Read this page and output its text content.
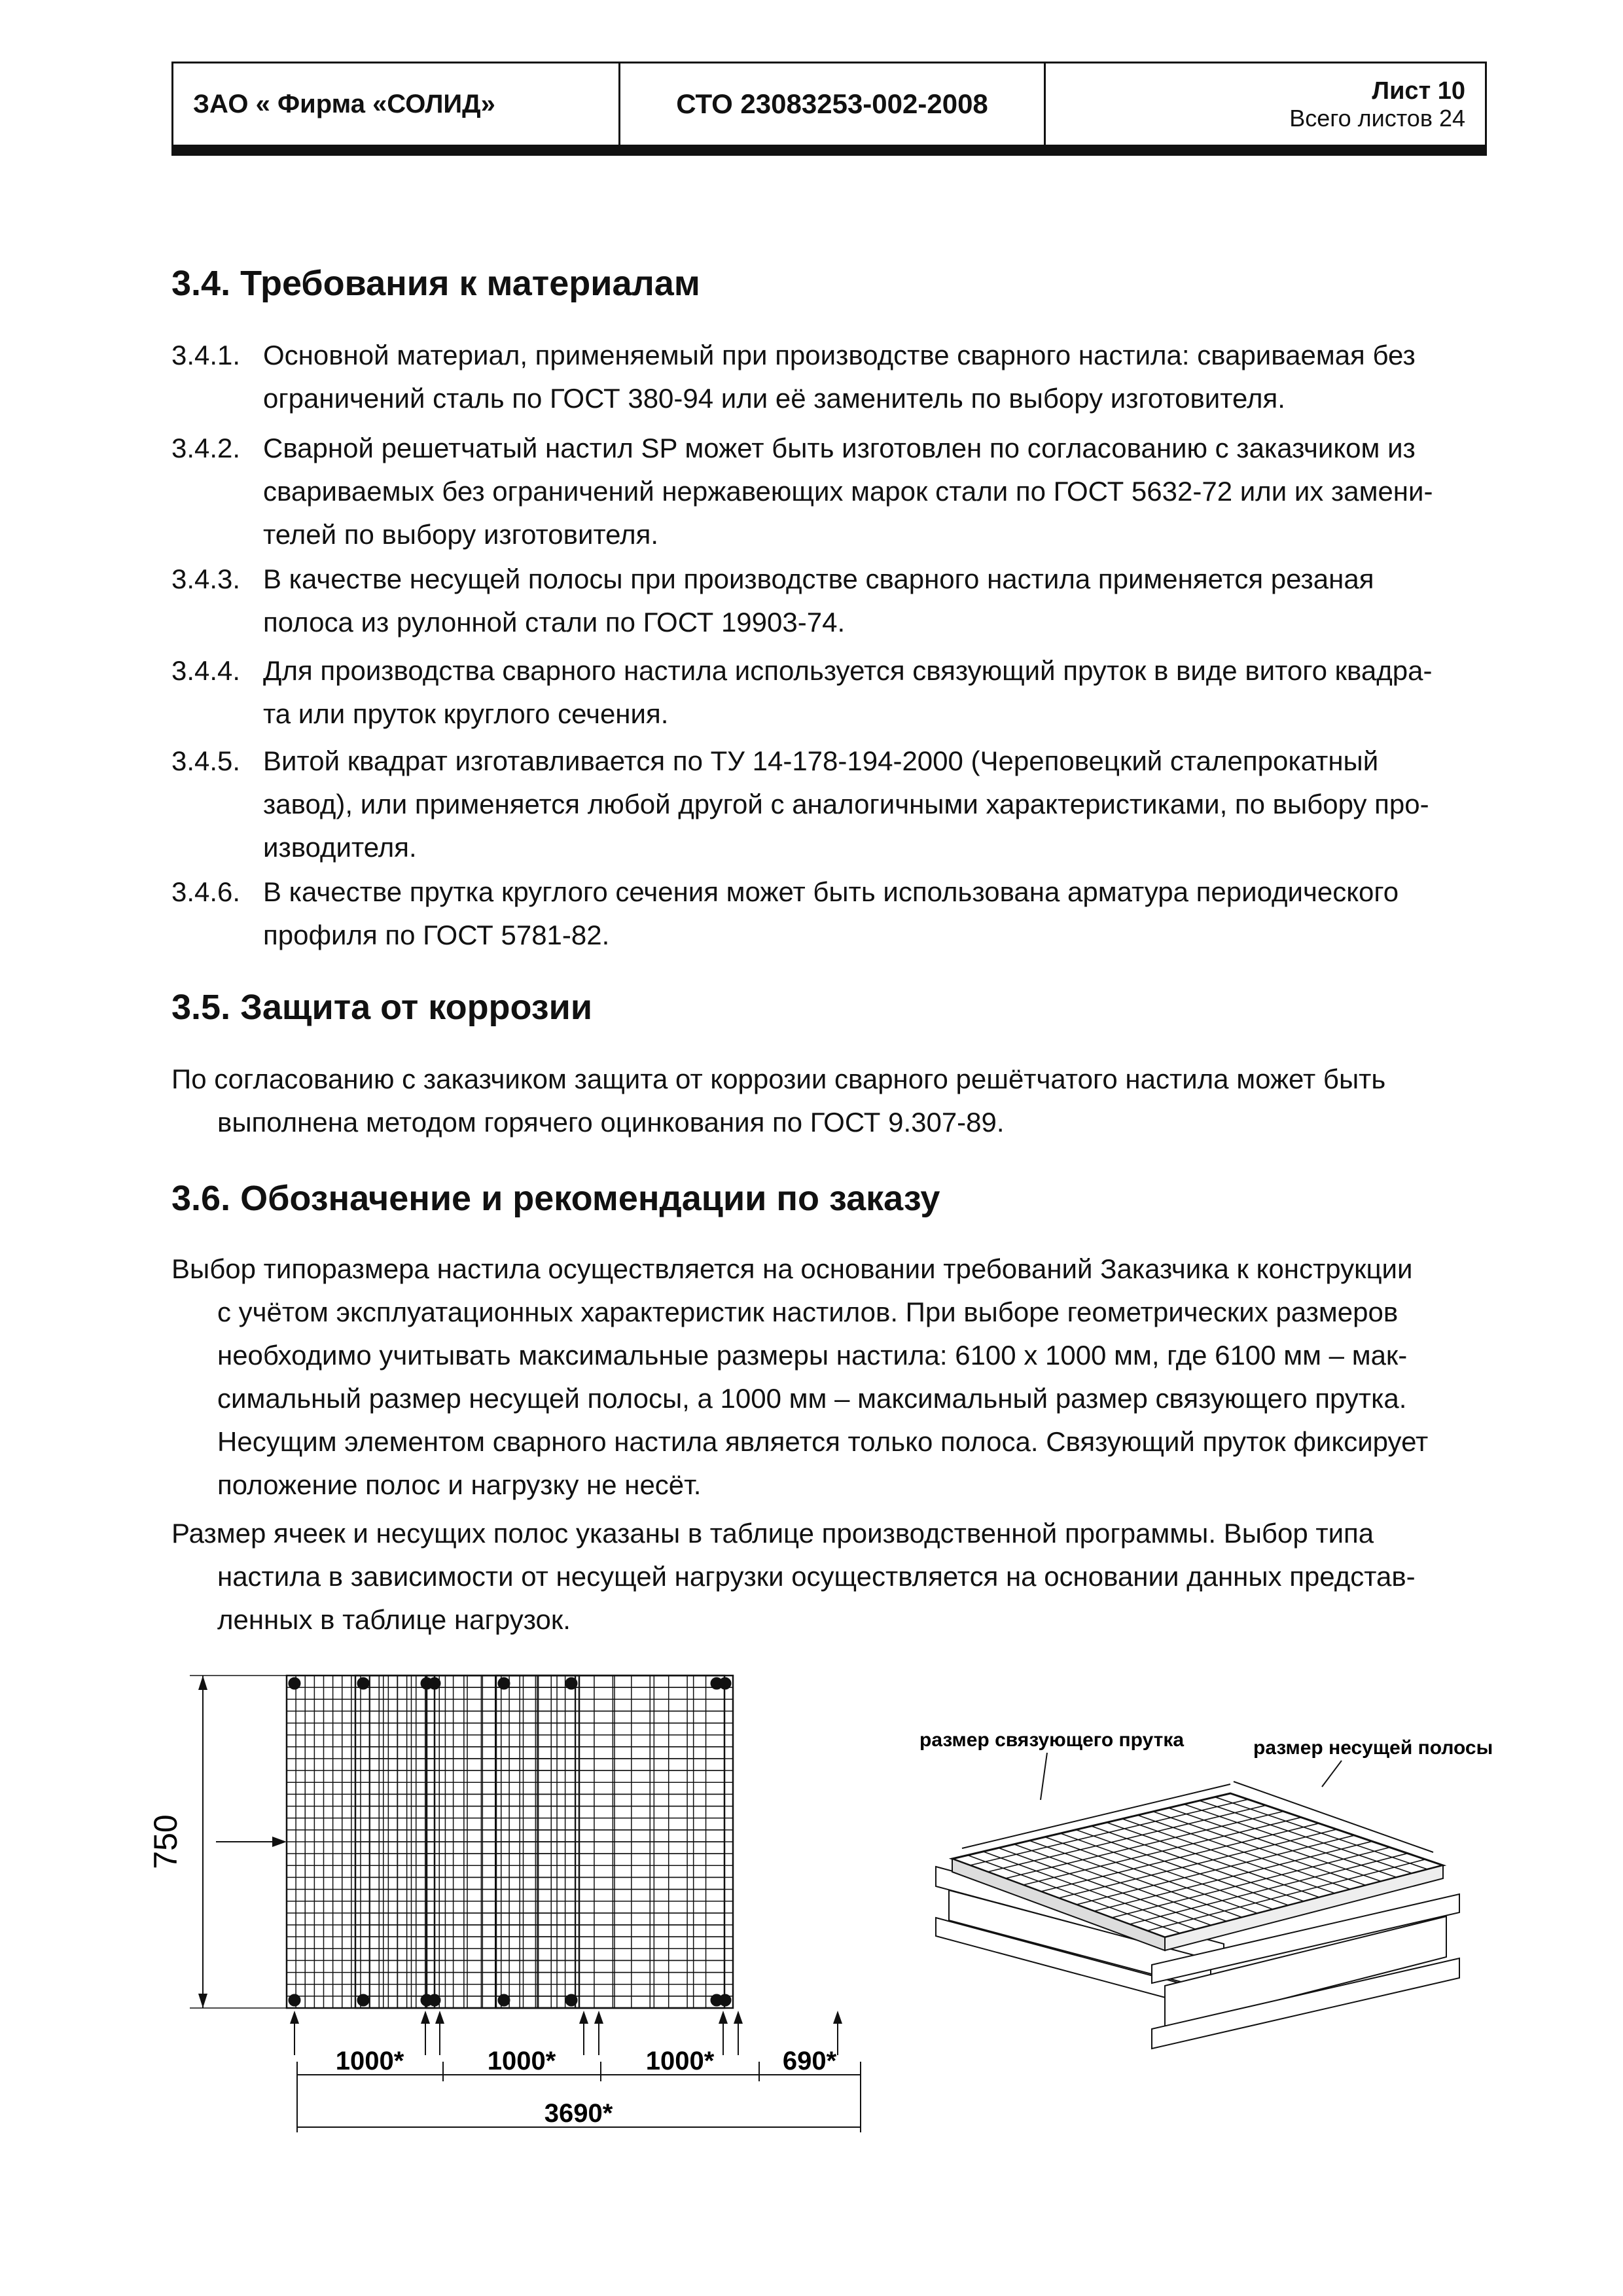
ЗАО « Фирма «СОЛИД»	СТО 23083253-002-2008	Лист 10
Всего листов 24
3.4. Требования к материалам
3.4.1. Основной материал, применяемый при производстве сварного настила: свариваемая без
ограничений сталь по ГОСТ 380-94 или её заменитель по выбору изготовителя.
3.4.2. Сварной решетчатый настил SP может быть изготовлен по согласованию с заказчиком из
свариваемых без ограничений нержавеющих марок стали по ГОСТ 5632-72 или их замени-
телей по выбору изготовителя.
3.4.3. В качестве несущей полосы при производстве сварного настила применяется резаная
полоса из рулонной стали по ГОСТ 19903-74.
3.4.4. Для производства сварного настила используется связующий пруток в виде витого квадра-
та или пруток круглого сечения.
3.4.5. Витой квадрат изготавливается по ТУ 14-178-194-2000 (Череповецкий сталепрокатный
завод), или применяется любой другой с аналогичными характеристиками, по выбору про-
изводителя.
3.4.6. В качестве прутка круглого сечения может быть использована арматура периодического
профиля по ГОСТ 5781-82.
3.5. Защита от коррозии
По согласованию с заказчиком защита от коррозии сварного решётчатого настила может быть
выполнена методом горячего оцинкования по ГОСТ 9.307-89.
3.6. Обозначение и рекомендации по заказу
Выбор типоразмера настила осуществляется на основании требований Заказчика к конструкции
с учётом эксплуатационных характеристик настилов. При выборе геометрических размеров
необходимо учитывать максимальные размеры настила: 6100 х 1000 мм, где 6100 мм – мак-
симальный размер несущей полосы, а 1000 мм – максимальный размер связующего прутка.
Несущим элементом сварного настила является только полоса. Связующий пруток фиксирует
положение полос и нагрузку не несёт.
Размер ячеек и несущих полос указаны в таблице производственной программы. Выбор типа
настила в зависимости от несущей нагрузки осуществляется на основании данных представ-
ленных в таблице нагрузок.
750
1000*	1000*	1000*	690*
3690*
размер связующего прутка	размер несущей полосы
